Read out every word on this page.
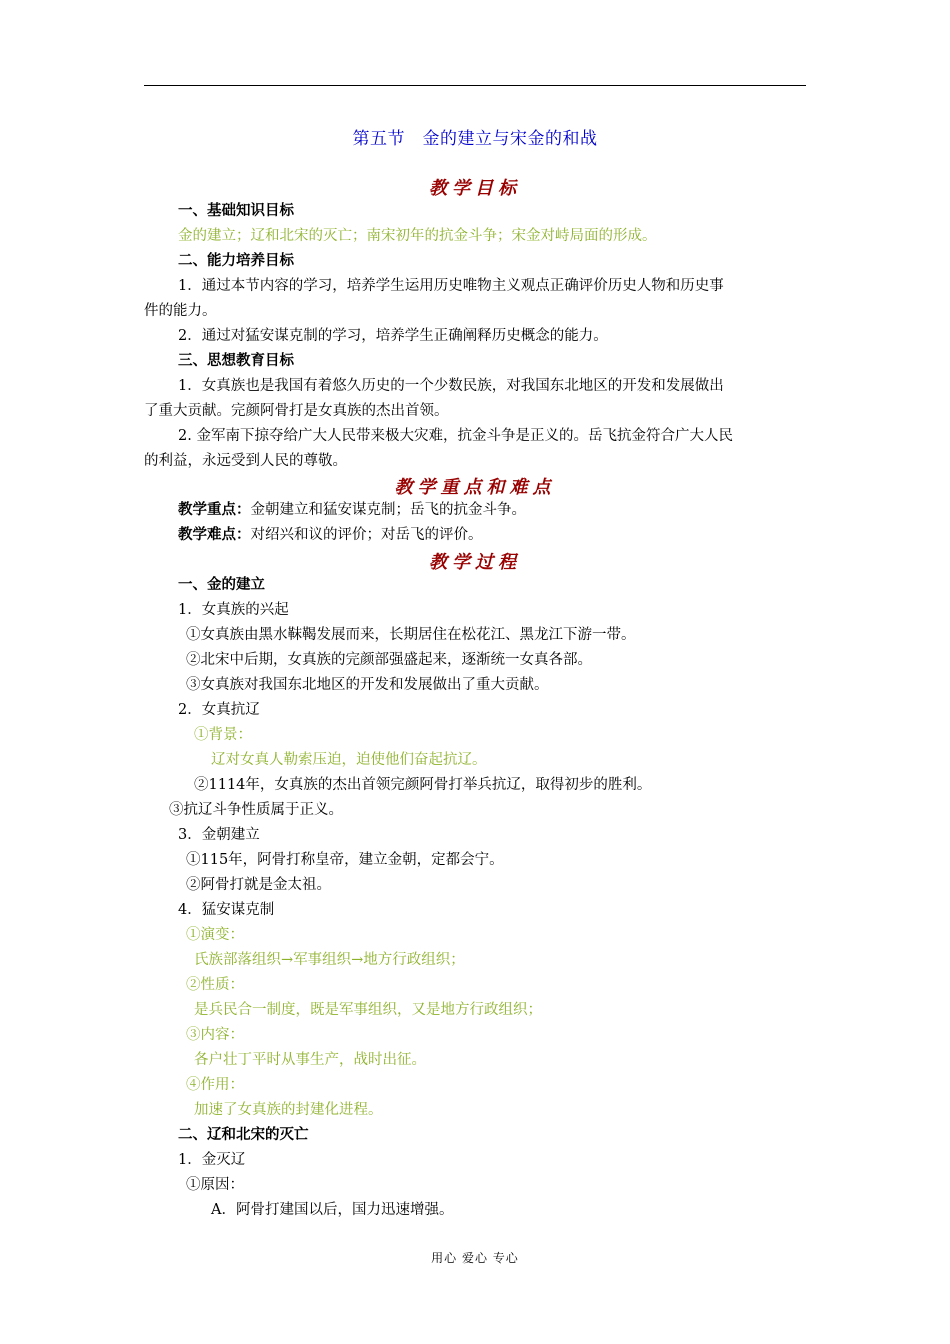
第五节　金的建立与宋金的和战
教学目标
一、基础知识目标
金的建立；辽和北宋的灭亡；南宋初年的抗金斗争；宋金对峙局面的形成。
二、能力培养目标
1．通过本节内容的学习，培养学生运用历史唯物主义观点正确评价历史人物和历史事
件的能力。
2．通过对猛安谋克制的学习，培养学生正确阐释历史概念的能力。
三、思想教育目标
1．女真族也是我国有着悠久历史的一个少数民族，对我国东北地区的开发和发展做出
了重大贡献。完颜阿骨打是女真族的杰出首领。
2. 金军南下掠夺给广大人民带来极大灾难，抗金斗争是正义的。岳飞抗金符合广大人民
的利益，永远受到人民的尊敬。
教学重点和难点
教学重点：金朝建立和猛安谋克制；岳飞的抗金斗争。
教学难点：对绍兴和议的评价；对岳飞的评价。
教学过程
一、金的建立
1．女真族的兴起
①女真族由黑水靺鞨发展而来，长期居住在松花江、黑龙江下游一带。
②北宋中后期，女真族的完颜部强盛起来，逐渐统一女真各部。
③女真族对我国东北地区的开发和发展做出了重大贡献。
2．女真抗辽
①背景：
辽对女真人勒索压迫，迫使他们奋起抗辽。
②1114年，女真族的杰出首领完颜阿骨打举兵抗辽，取得初步的胜利。
③抗辽斗争性质属于正义。
3．金朝建立
①115年，阿骨打称皇帝，建立金朝，定都会宁。
②阿骨打就是金太祖。
4．猛安谋克制
①演变：
氏族部落组织→军事组织→地方行政组织；
②性质：
是兵民合一制度，既是军事组织，又是地方行政组织；
③内容：
各户壮丁平时从事生产，战时出征。
④作用：
加速了女真族的封建化进程。
二、辽和北宋的灭亡
1．金灭辽
①原因：
A．阿骨打建国以后，国力迅速增强。
用心 爱心 专心
